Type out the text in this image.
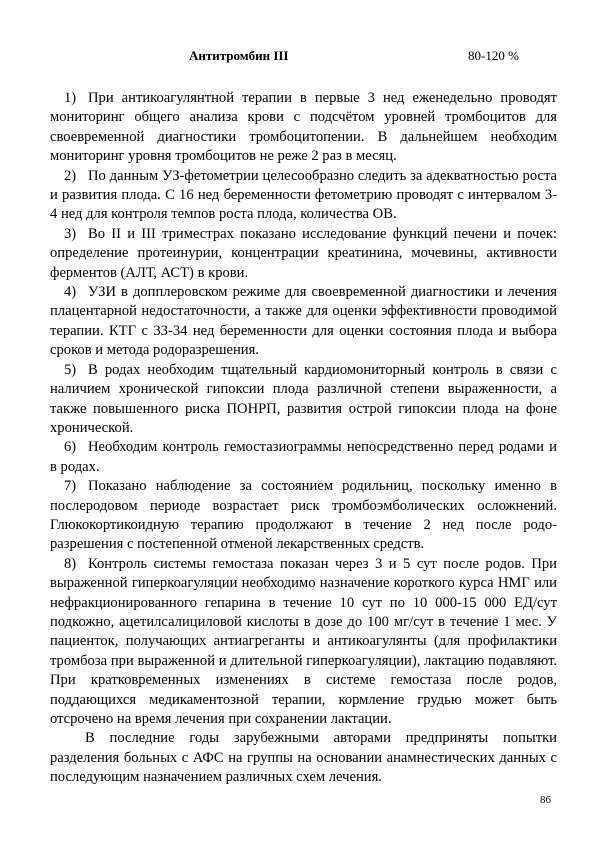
Антитромбин III	80-120 %

1) При антикоагулянтной терапии в первые 3 нед еженедельно проводят мониторинг общего анализа крови с подсчётом уровней тромбоцитов для своевременной диагностики тромбоцитопении. В дальнейшем необходим мониторинг уровня тромбоцитов не реже 2 раз в месяц.

2) По данным УЗ-фетометрии целесообразно следить за адекватностью роста и развития плода. С 16 нед беременности фетометрию проводят с интервалом 3-4 нед для контроля темпов роста плода, количества ОВ.

3) Во II и III триместрах показано исследование функций печени и почек: определение протеинурии, концентрации креатинина, мочевины, активности ферментов (АЛТ, АСТ) в крови.

4) УЗИ в допплеровском режиме для своевременной диагностики и лечения плацентарной недостаточности, а также для оценки эффективности проводимой терапии. КТГ с 33-34 нед беременности для оценки состояния плода и выбора сроков и метода родоразрешения.

5) В родах необходим тщательный кардиомониторный контроль в связи с наличием хронической гипоксии плода различной степени выраженности, а также повышенного риска ПОНРП, развития острой гипоксии плода на фоне хронической.

6) Необходим контроль гемостазиограммы непосредственно перед родами и в родах.

7) Показано наблюдение за состоянием родильниц, поскольку именно в послеродовом периоде возрастает риск тромбоэмболических осложнений. Глюкокортикоидную терапию продолжают в течение 2 нед после родоразрешения с постепенной отменой лекарственных средств.

8) Контроль системы гемостаза показан через 3 и 5 сут после родов. При выраженной гиперкоагуляции необходимо назначение короткого курса НМГ или нефракционированного гепарина в течение 10 сут по 10 000-15 000 ЕД/сут подкожно, ацетилсалициловой кислоты в дозе до 100 мг/сут в течение 1 мес. У пациенток, получающих антиагреганты и антикоагулянты (для профилактики тромбоза при выраженной и длительной гиперкоагуляции), лактацию подавляют. При кратковременных изменениях в системе гемостаза после родов, поддающихся медикаментозной терапии, кормление грудью может быть отсрочено на время лечения при сохранении лактации.

В последние годы зарубежными авторами предприняты попытки разделения больных с АФС на группы на основании анамнестических данных с последующим назначением различных схем лечения.

86
